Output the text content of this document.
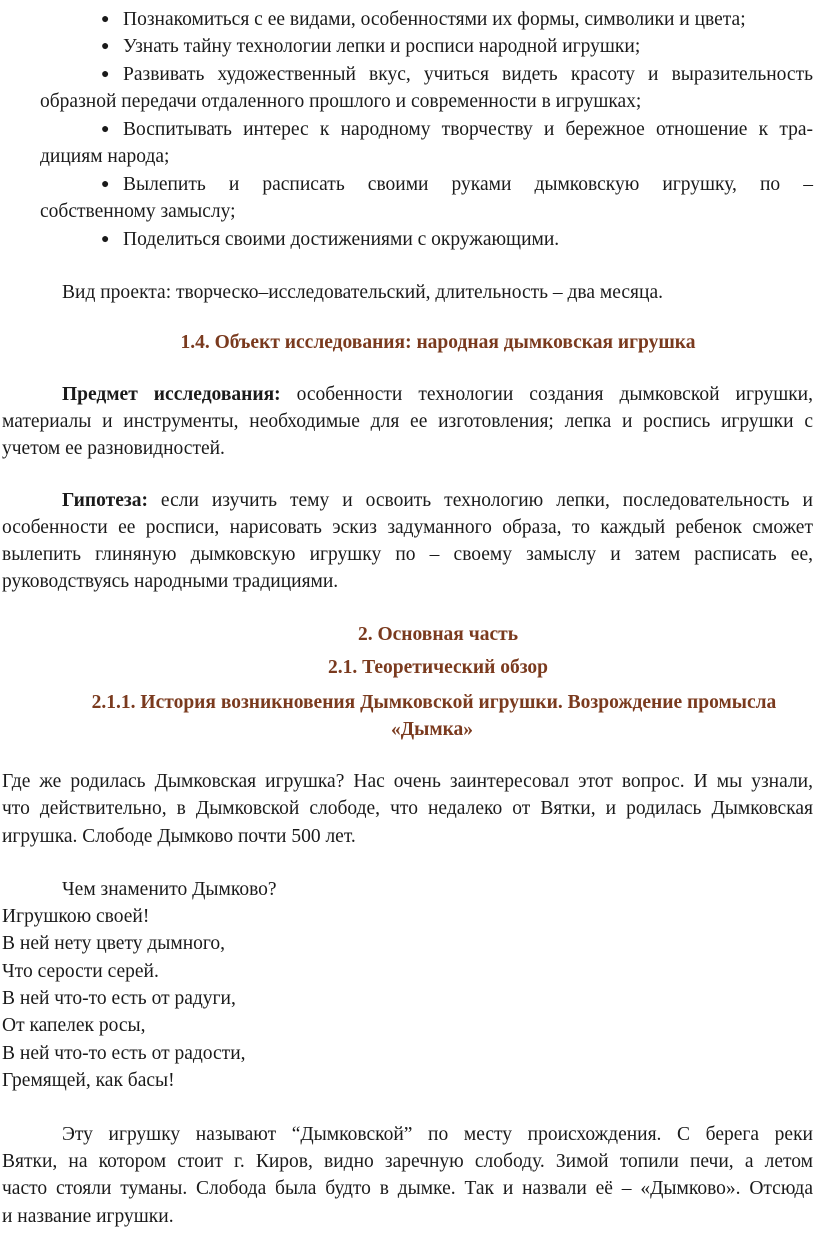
● Познакомиться с ее видами, особенностями их формы, символики и цвета;
● Узнать тайну технологии лепки и росписи народной игрушки;
● Развивать художественный вкус, учиться видеть красоту и выразительность
образной передачи отдаленного прошлого и современности в игрушках;
● Воспитывать интерес к народному творчеству и бережное отношение к тра-
дициям народа;
● Вылепить и расписать своими руками дымковскую игрушку, по –
собственному замыслу;
● Поделиться своими достижениями с окружающими.
Вид проекта: творческо–исследовательский, длительность – два месяца.
1.4. Объект исследования: народная дымковская игрушка
Предмет исследования: особенности технологии создания дымковской игрушки,
материалы и инструменты, необходимые для ее изготовления; лепка и роспись игрушки с
учетом ее разновидностей.
Гипотеза: если изучить тему и освоить технологию лепки, последовательность и
особенности ее росписи, нарисовать эскиз задуманного образа, то каждый ребенок сможет
вылепить глиняную дымковскую игрушку по – своему замыслу и затем расписать ее,
руководствуясь народными традициями.
2. Основная часть
2.1. Теоретический обзор
2.1.1. История возникновения Дымковской игрушки. Возрождение промысла
«Дымка»
Где же родилась Дымковская игрушка? Нас очень заинтересовал этот вопрос. И мы узнали,
что действительно, в Дымковской слободе, что недалеко от Вятки, и родилась Дымковская
игрушка. Слободе Дымково почти 500 лет.
Чем знаменито Дымково?
Игрушкою своей!
В ней нету цвету дымного,
Что серости серей.
В ней что-то есть от радуги,
От капелек росы,
В ней что-то есть от радости,
Гремящей, как басы!
Эту игрушку называют “Дымковской” по месту происхождения. С берега реки
Вятки, на котором стоит г. Киров, видно заречную слободу. Зимой топили печи, а летом
часто стояли туманы. Слобода была будто в дымке. Так и назвали её – «Дымково». Отсюда
и название игрушки.
